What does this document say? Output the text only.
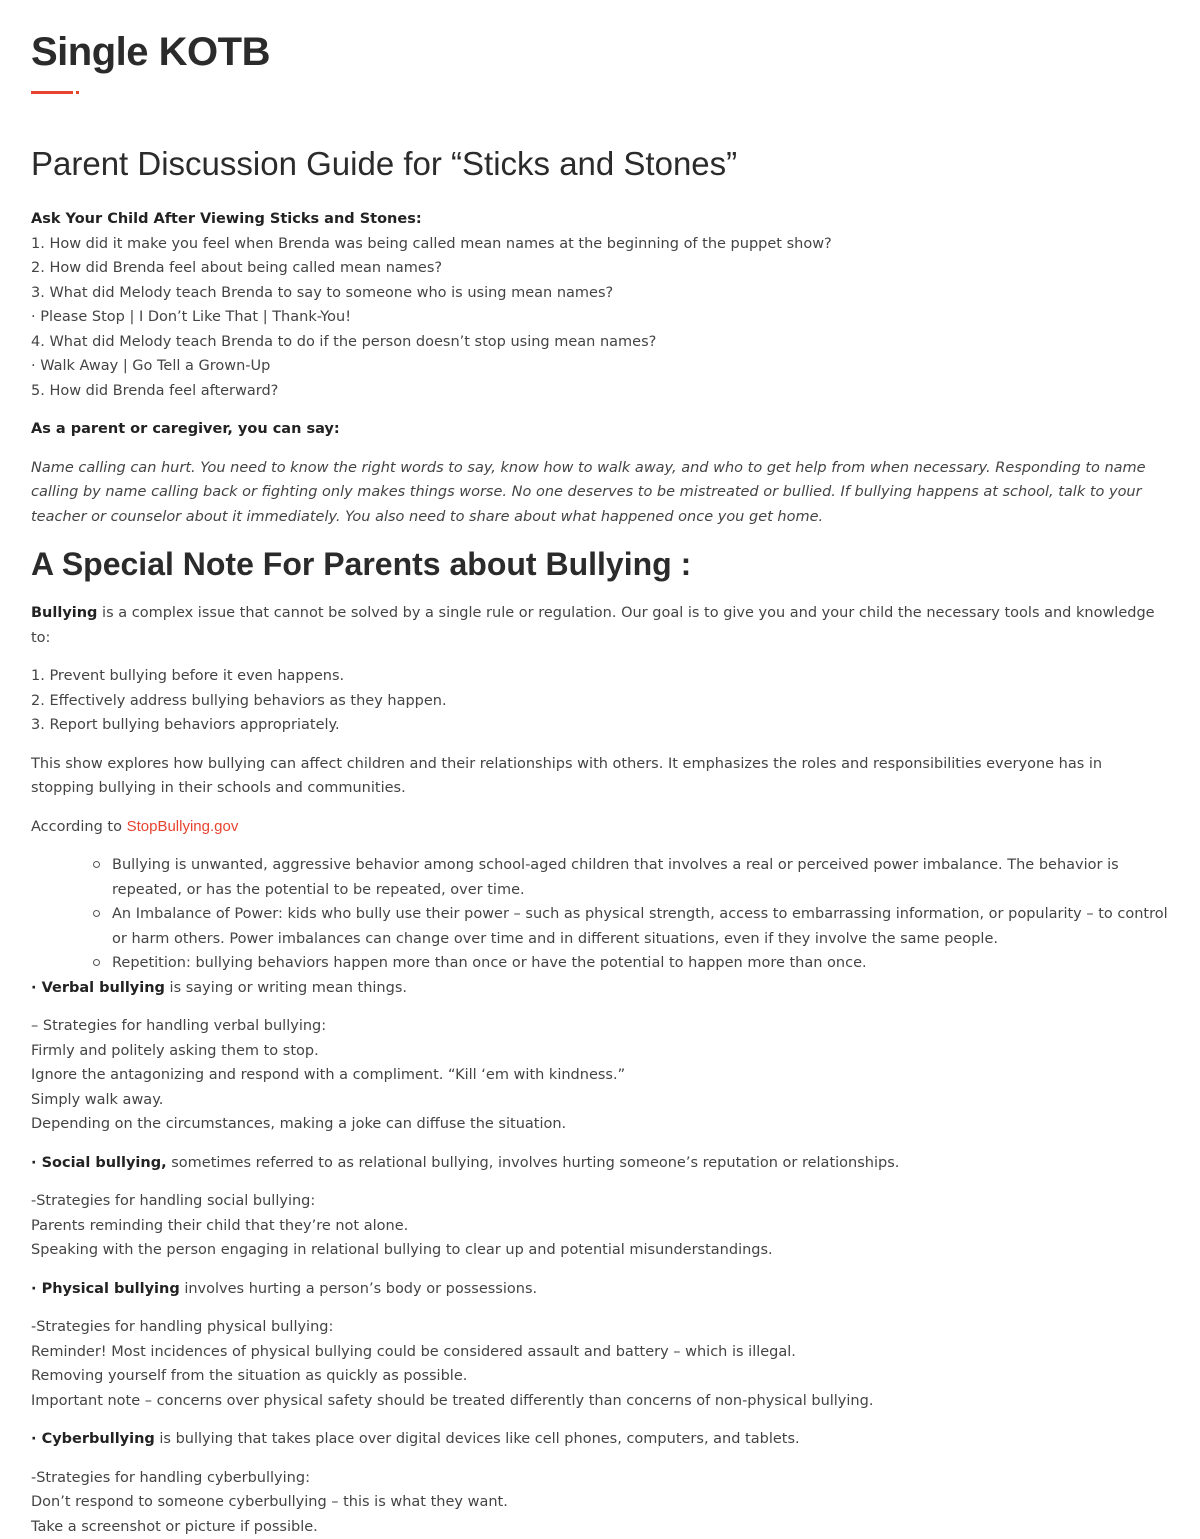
Single KOTB
Parent Discussion Guide for “Sticks and Stones”

Ask Your Child After Viewing Sticks and Stones:

1. How did it make you feel when Brenda was being called mean names at the beginning of the puppet show?
2. How did Brenda feel about being called mean names?
3. What did Melody teach Brenda to say to someone who is using mean names?
· Please Stop | I Don’t Like That | Thank-You!
4. What did Melody teach Brenda to do if the person doesn’t stop using mean names?
· Walk Away | Go Tell a Grown-Up
5. How did Brenda feel afterward?

As a parent or caregiver, you can say:

Name calling can hurt. You need to know the right words to say, know how to walk away, and who to get help from when necessary. Responding to name calling by name calling back or fighting only makes things worse. No one deserves to be mistreated or bullied. If bullying happens at school, talk to your teacher or counselor about it immediately. You also need to share about what happened once you get home.

A Special Note For Parents about Bullying :

Bullying is a complex issue that cannot be solved by a single rule or regulation. Our goal is to give you and your child the necessary tools and knowledge to:

1. Prevent bullying before it even happens.
2. Effectively address bullying behaviors as they happen.
3. Report bullying behaviors appropriately.

This show explores how bullying can affect children and their relationships with others. It emphasizes the roles and responsibilities everyone has in stopping bullying in their schools and communities.

According to StopBullying.gov

Bullying is unwanted, aggressive behavior among school-aged children that involves a real or perceived power imbalance. The behavior is repeated, or has the potential to be repeated, over time.
An Imbalance of Power: kids who bully use their power – such as physical strength, access to embarrassing information, or popularity – to control or harm others. Power imbalances can change over time and in different situations, even if they involve the same people.
Repetition: bullying behaviors happen more than once or have the potential to happen more than once.

· Verbal bullying is saying or writing mean things.

– Strategies for handling verbal bullying:
Firmly and politely asking them to stop.
Ignore the antagonizing and respond with a compliment. “Kill ‘em with kindness.”
Simply walk away.
Depending on the circumstances, making a joke can diffuse the situation.

· Social bullying, sometimes referred to as relational bullying, involves hurting someone’s reputation or relationships.

-Strategies for handling social bullying:
Parents reminding their child that they’re not alone.
Speaking with the person engaging in relational bullying to clear up and potential misunderstandings.

· Physical bullying involves hurting a person’s body or possessions.

-Strategies for handling physical bullying:
Reminder! Most incidences of physical bullying could be considered assault and battery – which is illegal.
Removing yourself from the situation as quickly as possible.
Important note – concerns over physical safety should be treated differently than concerns of non-physical bullying.

· Cyberbullying is bullying that takes place over digital devices like cell phones, computers, and tablets.

-Strategies for handling cyberbullying:
Don’t respond to someone cyberbullying – this is what they want.
Take a screenshot or picture if possible.
